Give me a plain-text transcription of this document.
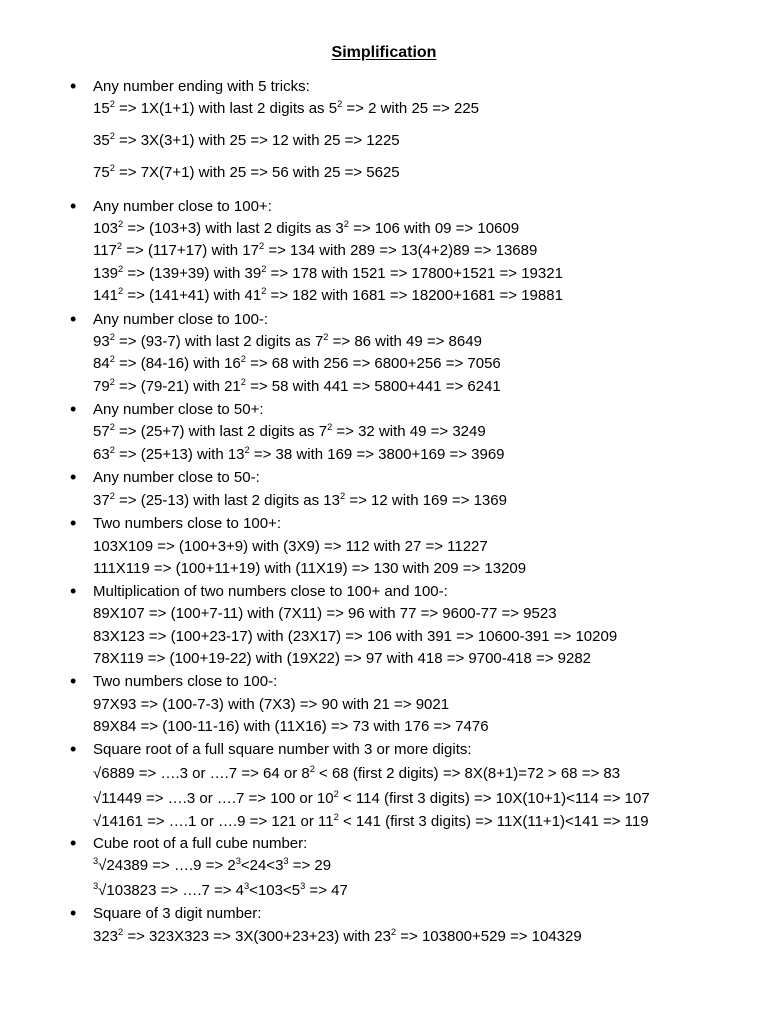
Simplification
• Any number ending with 5 tricks:
$15^2 => 1X(1+1)$ with last 2 digits as $5^2 => 2$ with 25 => 225
$35^2 => 3X(3+1)$ with 25 => 12 with 25 => 1225
$75^2 => 7X(7+1)$ with 25 => 56 with 25 => 5625
• Any number close to 100+:
$103^2 => (103+3)$ with last 2 digits as $3^2 => 106$ with 09 => 10609
$117^2 => (117+17)$ with $17^2 => 134$ with 289 => 13(4+2)89 => 13689
$139^2 => (139+39)$ with $39^2 => 178$ with 1521 => 17800+1521 => 19321
$141^2 => (141+41)$ with $41^2 => 182$ with 1681 => 18200+1681 => 19881
• Any number close to 100-:
$93^2 => (93-7)$ with last 2 digits as $7^2 => 86$ with 49 => 8649
$84^2 => (84-16)$ with $16^2 => 68$ with 256 => 6800+256 => 7056
$79^2 => (79-21)$ with $21^2 => 58$ with 441 => 5800+441 => 6241
• Any number close to 50+:
$57^2 => (25+7)$ with last 2 digits as $7^2 => 32$ with 49 => 3249
$63^2 => (25+13)$ with $13^2 => 38$ with 169 => 3800+169 => 3969
• Any number close to 50-:
$37^2 => (25-13)$ with last 2 digits as $13^2 => 12$ with 169 => 1369
• Two numbers close to 100+:
103X109 => (100+3+9) with (3X9) => 112 with 27 => 11227
111X119 => (100+11+19) with (11X19) => 130 with 209 => 13209
• Multiplication of two numbers close to 100+ and 100-:
89X107 => (100+7-11) with (7X11) => 96 with 77 => 9600-77 => 9523
83X123 => (100+23-17) with (23X17) => 106 with 391 => 10600-391 => 10209
78X119 => (100+19-22) with (19X22) => 97 with 418 => 9700-418 => 9282
• Two numbers close to 100-:
97X93 => (100-7-3) with (7X3) => 90 with 21 => 9021
89X84 => (100-11-16) with (11X16) => 73 with 176 => 7476
• Square root of a full square number with 3 or more digits:
√6889 => ….3 or ….7 => 64 or $8^2 < 68$ (first 2 digits) => 8X(8+1)=72 > 68 => 83
√11449 => ….3 or ….7 => 100 or $10^2 < 114$ (first 3 digits) => 10X(10+1)<114 => 107
√14161 => ….1 or ….9 => 121 or $11^2 < 141$ (first 3 digits) => 11X(11+1)<141 => 119
• Cube root of a full cube number:
$^3$√24389 => ….9 => $2^3<24<3^3 => 29$
$^3$√103823 => ….7 => $4^3<103<5^3 => 47$
• Square of 3 digit number:
$323^2 => 323X323 => 3X(300+23+23)$ with $23^2 => 103800+529 => 104329$
